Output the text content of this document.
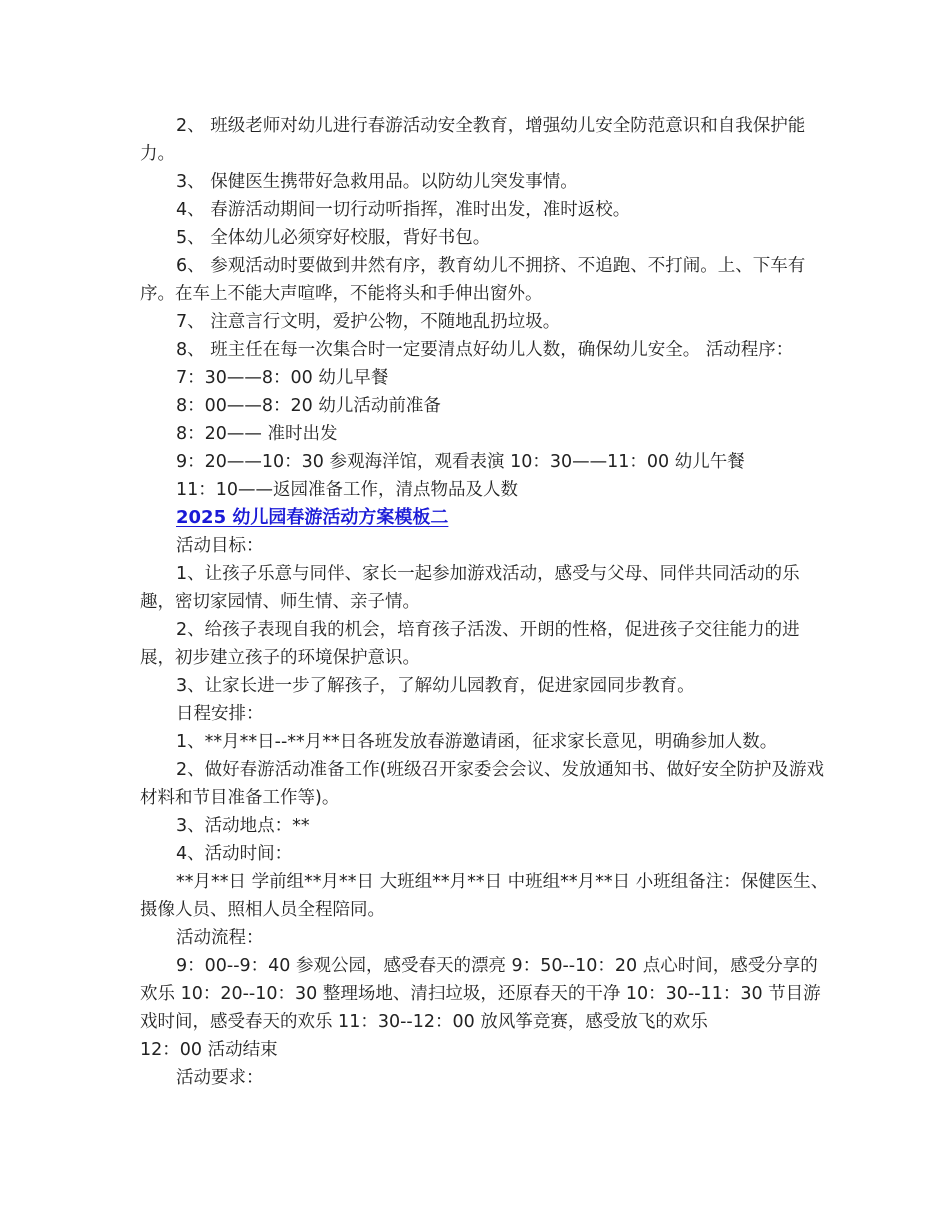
2、 班级老师对幼儿进行春游活动安全教育，增强幼儿安全防范意识和自我保护能力。

3、 保健医生携带好急救用品。以防幼儿突发事情。

4、 春游活动期间一切行动听指挥，准时出发，准时返校。

5、 全体幼儿必须穿好校服，背好书包。

6、 参观活动时要做到井然有序，教育幼儿不拥挤、不追跑、不打闹。上、下车有序。在车上不能大声喧哗，不能将头和手伸出窗外。

7、 注意言行文明，爱护公物，不随地乱扔垃圾。

8、 班主任在每一次集合时一定要清点好幼儿人数，确保幼儿安全。 活动程序：

7：30——8：00 幼儿早餐

8：00——8：20 幼儿活动前准备

8：20—— 准时出发

9：20——10：30 参观海洋馆，观看表演 10：30——11：00 幼儿午餐

11：10——返园准备工作，清点物品及人数

2025 幼儿园春游活动方案模板二

活动目标：

1、让孩子乐意与同伴、家长一起参加游戏活动，感受与父母、同伴共同活动的乐趣，密切家园情、师生情、亲子情。

2、给孩子表现自我的机会，培育孩子活泼、开朗的性格，促进孩子交往能力的进展，初步建立孩子的环境保护意识。

3、让家长进一步了解孩子，了解幼儿园教育，促进家园同步教育。

日程安排：

1、**月**日--**月**日各班发放春游邀请函，征求家长意见，明确参加人数。

2、做好春游活动准备工作(班级召开家委会会议、发放通知书、做好安全防护及游戏材料和节目准备工作等)。

3、活动地点：**

4、活动时间：

**月**日 学前组**月**日 大班组**月**日 中班组**月**日 小班组备注：保健医生、摄像人员、照相人员全程陪同。

活动流程：

9：00--9：40 参观公园，感受春天的漂亮 9：50--10：20 点心时间，感受分享的欢乐 10：20--10：30 整理场地、清扫垃圾，还原春天的干净 10：30--11：30 节目游戏时间，感受春天的欢乐 11：30--12：00 放风筝竞赛，感受放飞的欢乐

12：00 活动结束

活动要求：
